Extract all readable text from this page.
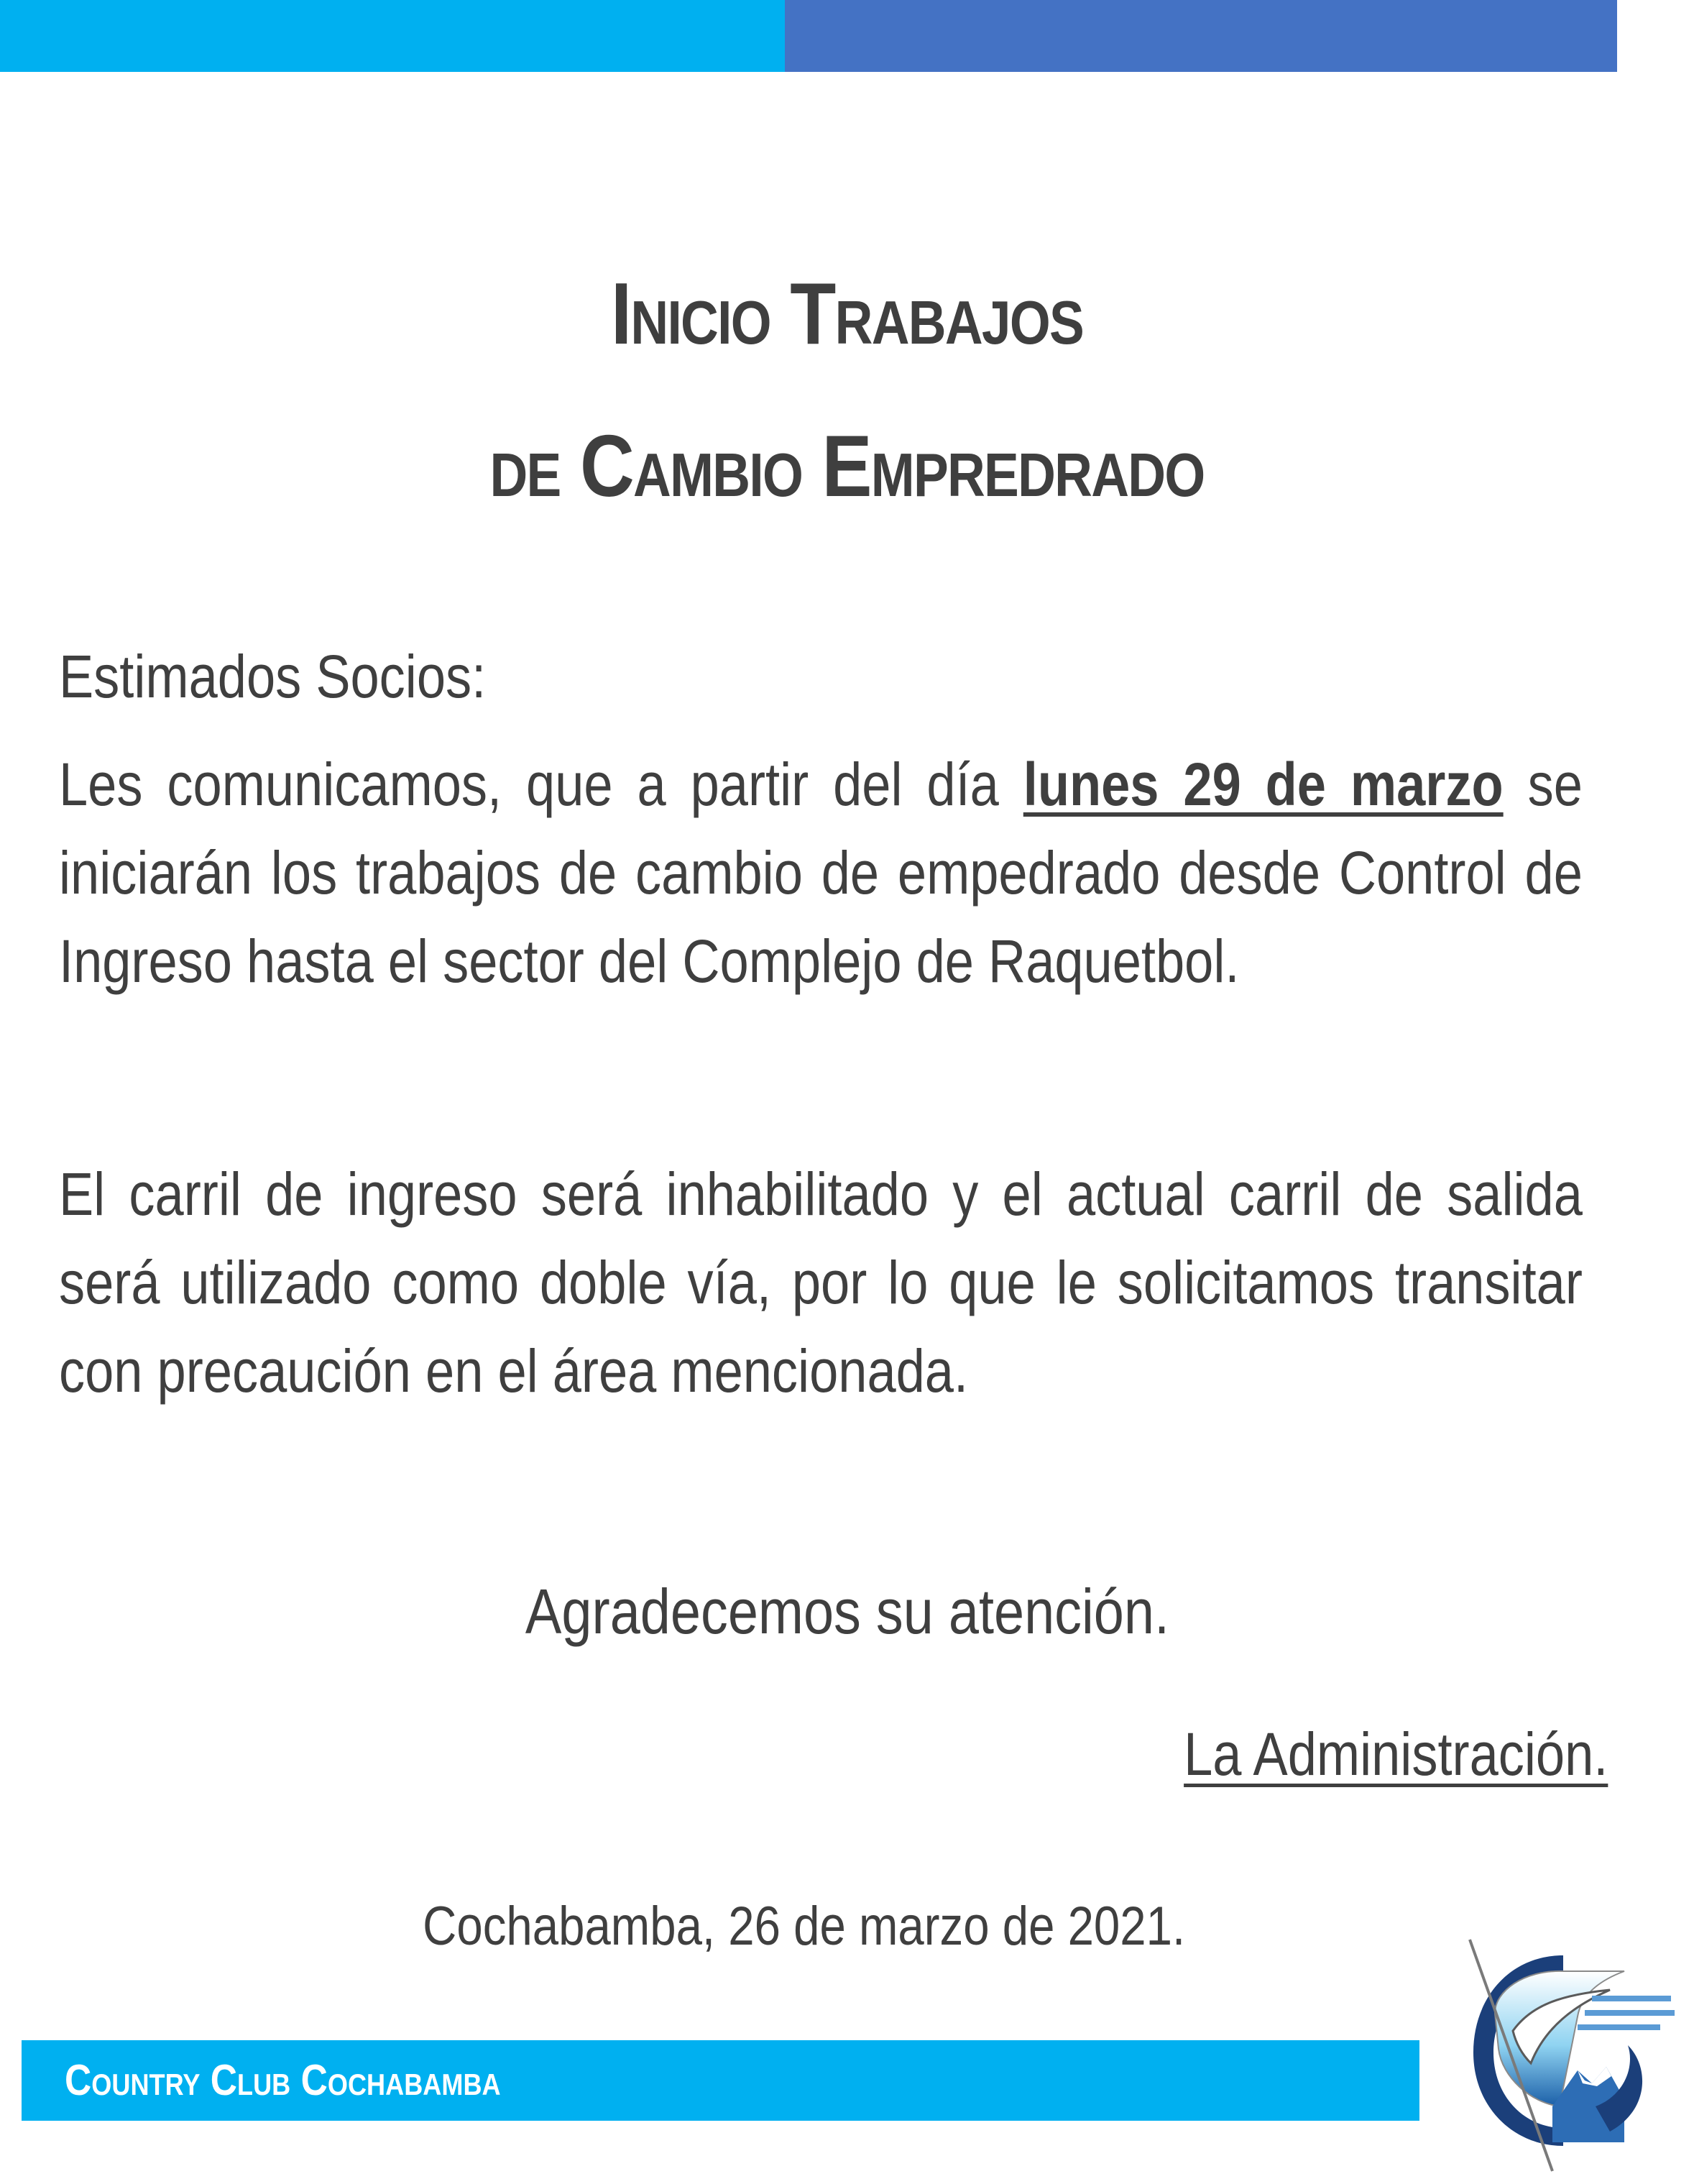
Inicio Trabajos
de Cambio Empredrado
Estimados Socios:
Les comunicamos, que a partir del día lunes 29 de marzo se iniciarán los trabajos de cambio de empedrado desde Control de Ingreso hasta el sector del Complejo de Raquetbol.
El carril de ingreso será inhabilitado y el actual carril de salida será utilizado como doble vía, por lo que le solicitamos transitar con precaución en el área mencionada.
Agradecemos su atención.
La Administración.
Cochabamba, 26 de marzo de 2021.
Country Club Cochabamba
